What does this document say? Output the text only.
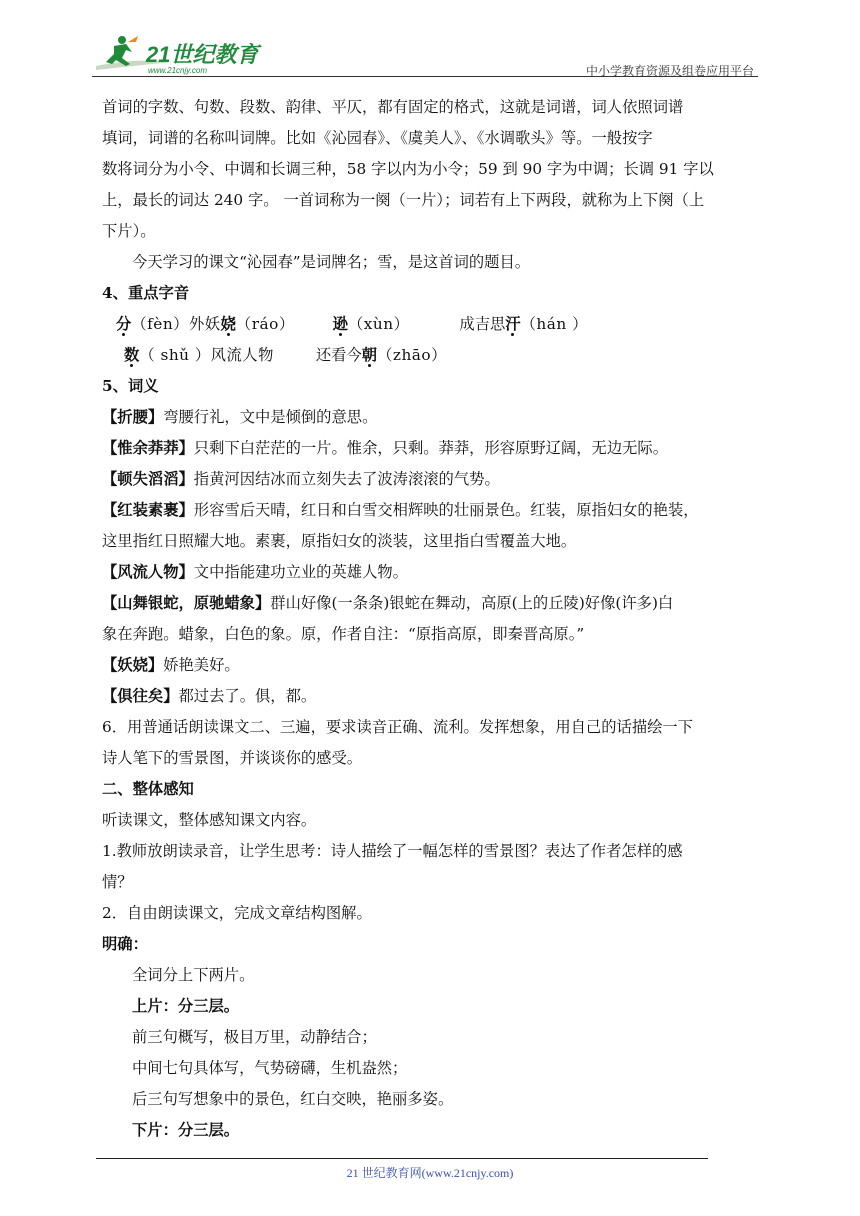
21世纪教育
www.21cnjy.com	中小学教育资源及组卷应用平台

首词的字数、句数、段数、韵律、平仄，都有固定的格式，这就是词谱，词人依照词谱

填词，词谱的名称叫词牌。比如《沁园春》、《虞美人》、《水调歌头》等。一般按字

数将词分为小令、中调和长调三种，58 字以内为小令；59 到 90 字为中调；长调 91 字以

上，最长的词达 240 字。 一首词称为一阕（一片）；词若有上下两段，就称为上下阕（上

下片）。

今天学习的课文“沁园春”是词牌名；雪，是这首词的题目。

4、重点字音

分（fèn）外妖娆（ráo） 逊（xùn）	成吉思汗（hán ）

数（ shǔ ）风流人物	还看今朝（zhāo）

5、词义

【折腰】弯腰行礼，文中是倾倒的意思。

【惟余莽莽】只剩下白茫茫的一片。惟余，只剩。莽莽，形容原野辽阔，无边无际。

【顿失滔滔】指黄河因结冰而立刻失去了波涛滚滚的气势。

【红装素裹】形容雪后天晴，红日和白雪交相辉映的壮丽景色。红装，原指妇女的艳装，

这里指红日照耀大地。素裹，原指妇女的淡装，这里指白雪覆盖大地。

【风流人物】文中指能建功立业的英雄人物。

【山舞银蛇，原驰蜡象】群山好像(一条条)银蛇在舞动，高原(上的丘陵)好像(许多)白

象在奔跑。蜡象，白色的象。原，作者自注：“原指高原，即秦晋高原。”

【妖娆】娇艳美好。

【俱往矣】都过去了。俱，都。

6．用普通话朗读课文二、三遍，要求读音正确、流利。发挥想象，用自己的话描绘一下

诗人笔下的雪景图，并谈谈你的感受。

二、整体感知

听读课文，整体感知课文内容。

1.教师放朗读录音，让学生思考：诗人描绘了一幅怎样的雪景图？表达了作者怎样的感

情？

2．自由朗读课文，完成文章结构图解。

明确：

全词分上下两片。

上片：分三层。

前三句概写，极目万里，动静结合；

中间七句具体写，气势磅礴，生机盎然；

后三句写想象中的景色，红白交映，艳丽多姿。

下片：分三层。

21 世纪教育网(www.21cnjy.com)
